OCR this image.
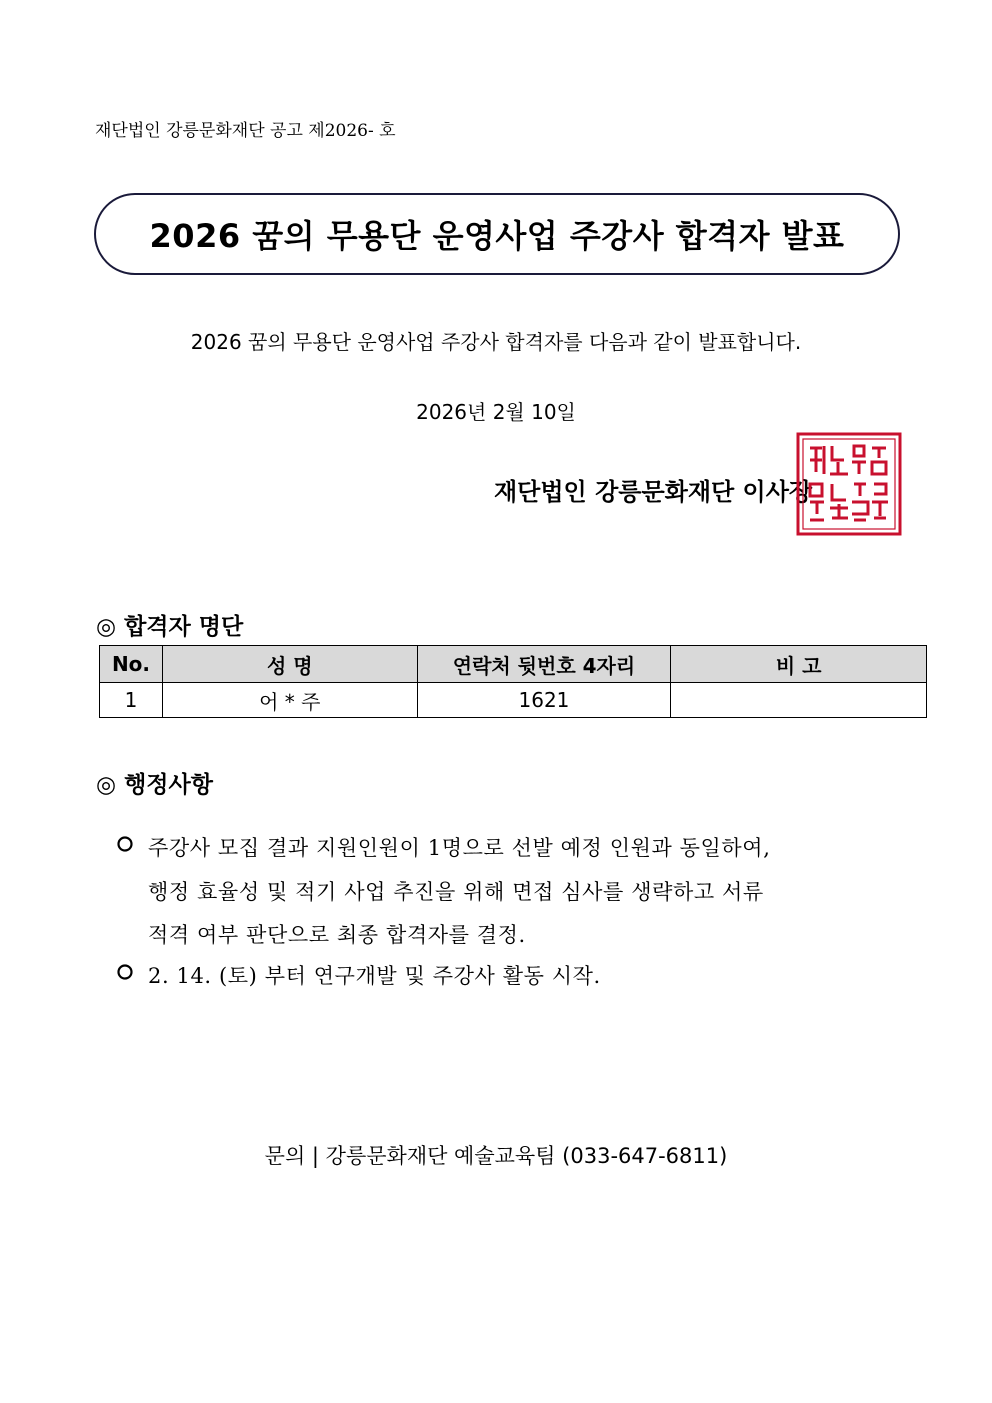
재단법인 강릉문화재단 공고 제2026- 호
2026 꿈의 무용단 운영사업 주강사 합격자 발표
2026 꿈의 무용단 운영사업 주강사 합격자를 다음과 같이 발표합니다.
2026년 2월 10일
재단법인 강릉문화재단 이사장
◎ 합격자 명단
No.	성 명	연락처 뒷번호 4자리	비 고
1	어 * 주	1621	
◎ 행정사항
주강사 모집 결과 지원인원이 1명으로 선발 예정 인원과 동일하여,
행정 효율성 및 적기 사업 추진을 위해 면접 심사를 생략하고 서류
적격 여부 판단으로 최종 합격자를 결정.
2. 14. (토) 부터 연구개발 및 주강사 활동 시작.
문의 | 강릉문화재단 예술교육팀 (033-647-6811)
